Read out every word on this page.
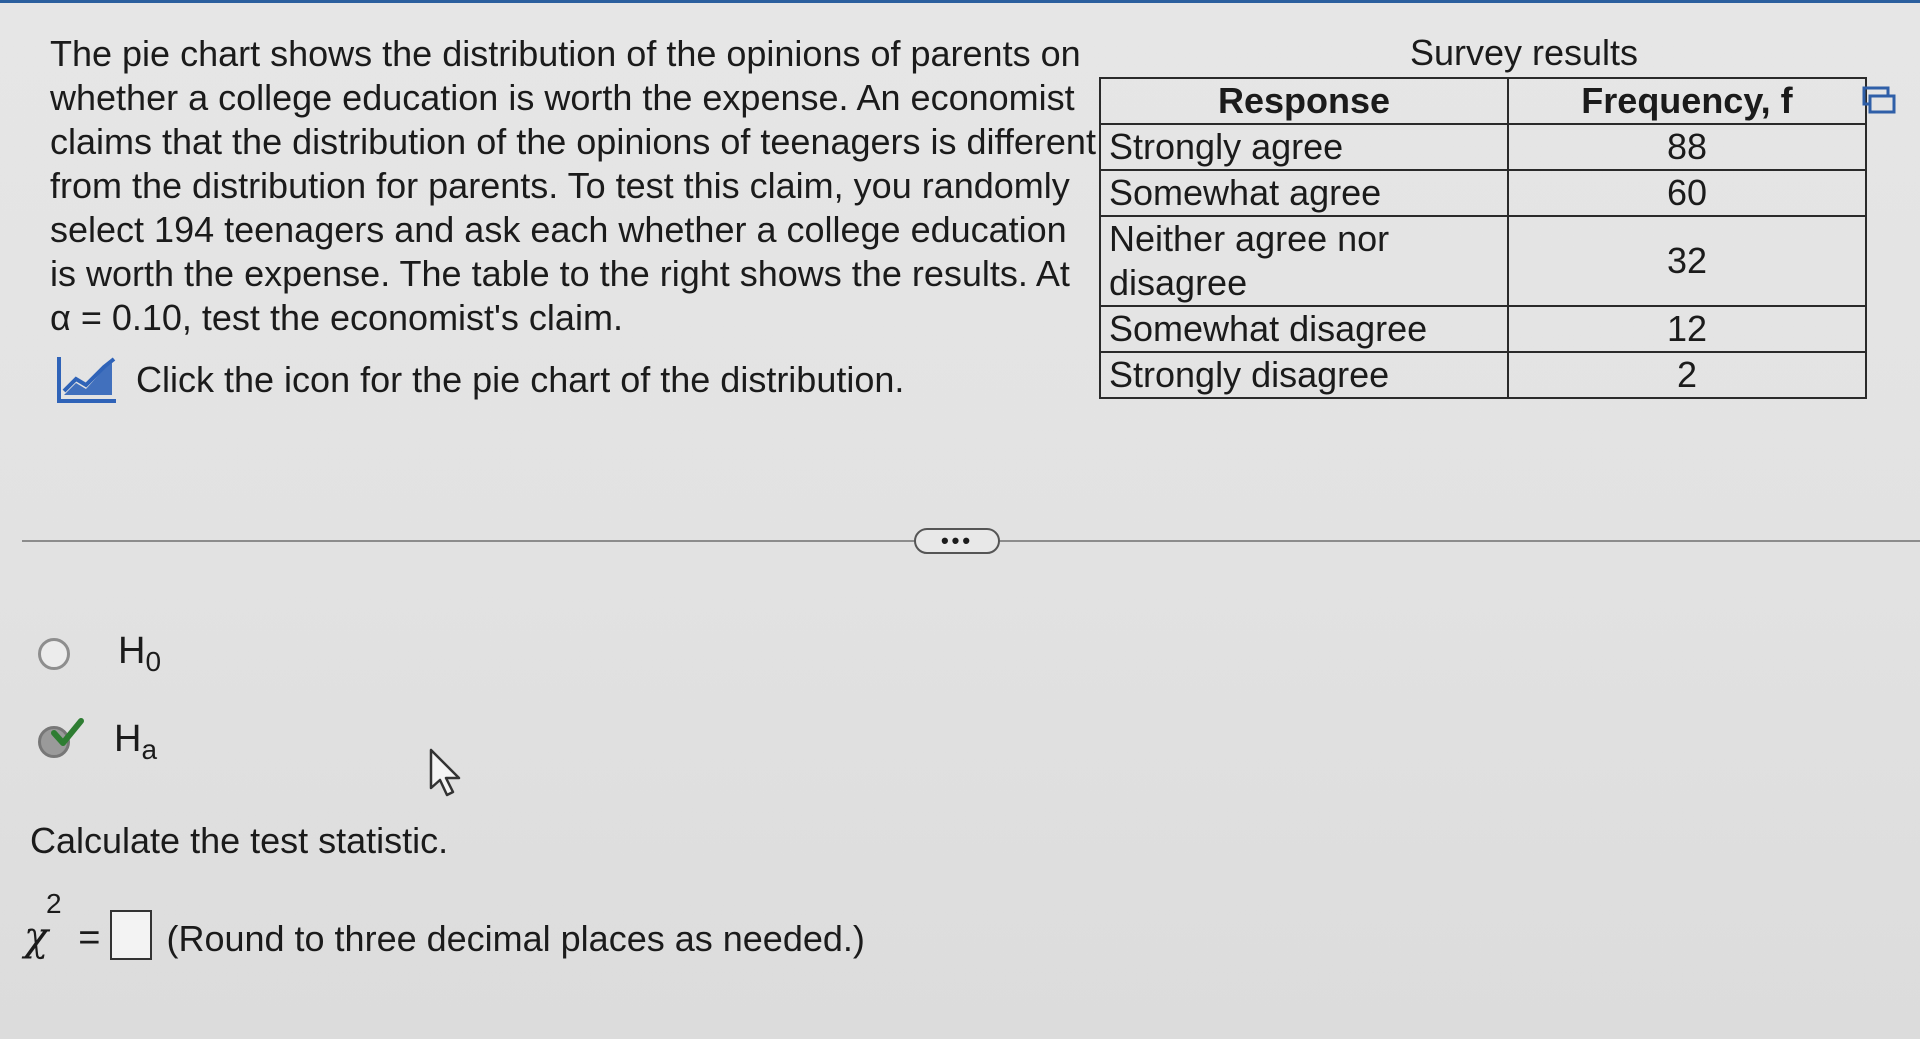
The pie chart shows the distribution of the opinions of parents on whether a college education is worth the expense. An economist claims that the distribution of the opinions of teenagers is different from the distribution for parents. To test this claim, you randomly select 194 teenagers and ask each whether a college education is worth the expense. The table to the right shows the results. At α = 0.10, test the economist's claim.

Click the icon for the pie chart of the distribution.

Survey results

Response	Frequency, f
Strongly agree	88
Somewhat agree	60
Neither agree nor disagree	32
Somewhat disagree	12
Strongly disagree	2
•••
$H_0$
$H_a$

Calculate the test statistic.

χ
2
= (Round to three decimal places as needed.)
